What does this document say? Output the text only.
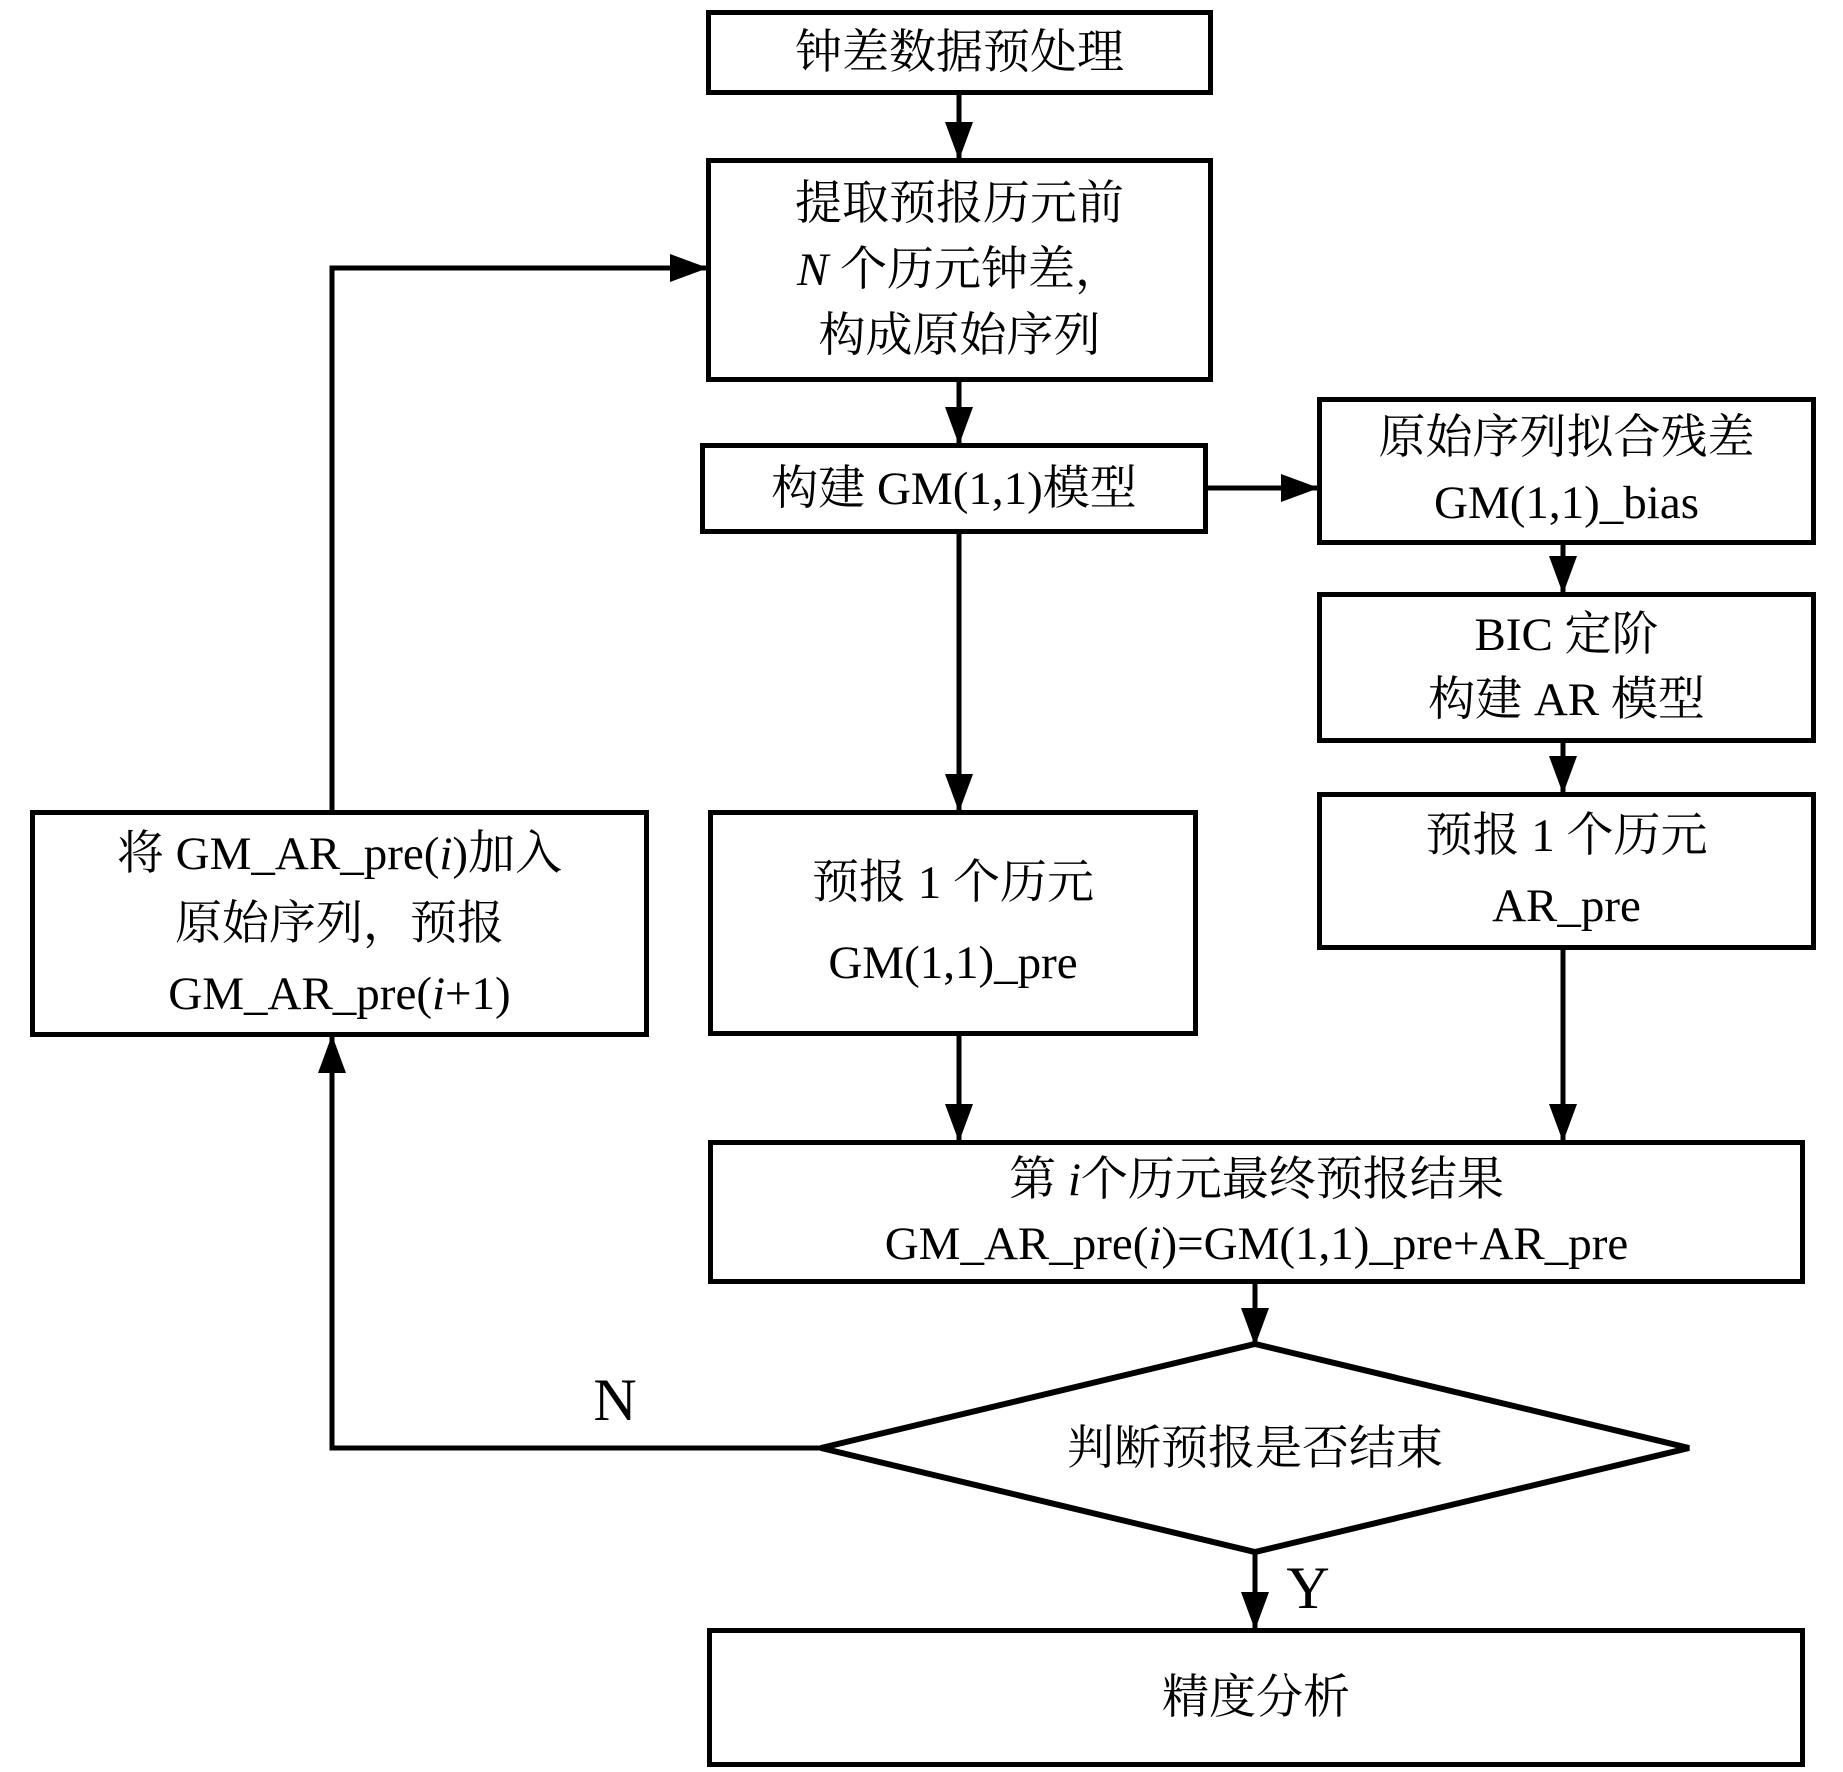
钟差数据预处理
提取预报历元前
N 个历元钟差，
构成原始序列
构建 GM(1,1)模型
原始序列拟合残差
GM(1,1)_bias
BIC 定阶
构建 AR 模型
预报 1 个历元
AR_pre
预报 1 个历元
GM(1,1)_pre
将 GM_AR_pre(i)加入
原始序列，预报
GM_AR_pre(i+1)
第 i个历元最终预报结果
GM_AR_pre(i)=GM(1,1)_pre+AR_pre
判断预报是否结束
精度分析
N
Y
